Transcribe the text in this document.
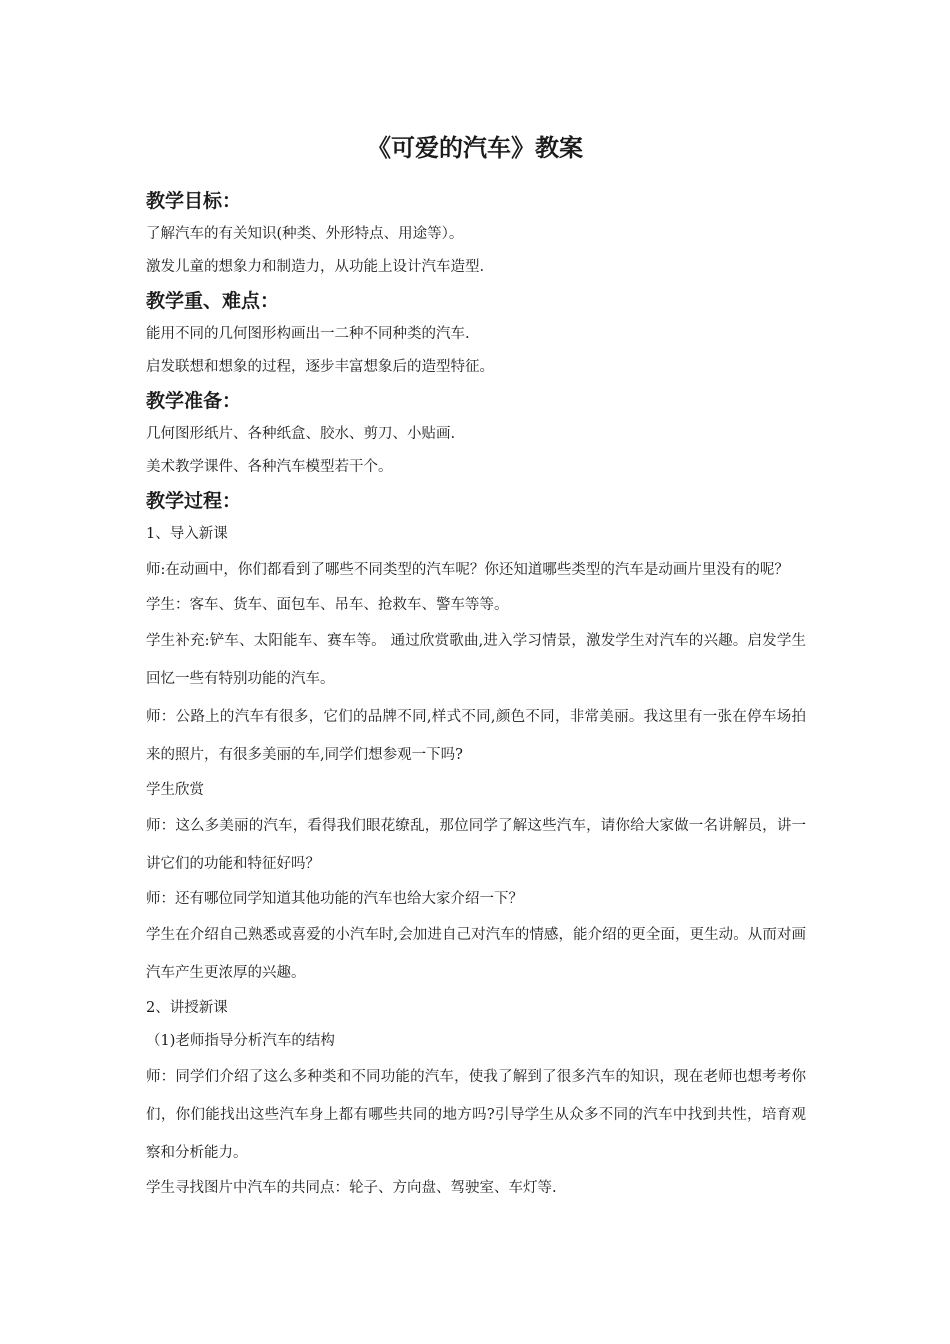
《可爱的汽车》教案
教学目标：

了解汽车的有关知识(种类、外形特点、用途等）。

激发儿童的想象力和制造力，从功能上设计汽车造型.

教学重、难点：

能用不同的几何图形构画出一二种不同种类的汽车.

启发联想和想象的过程，逐步丰富想象后的造型特征。

教学准备：

几何图形纸片、各种纸盒、胶水、剪刀、小贴画.

美术教学课件、各种汽车模型若干个。

教学过程：

1、导入新课

师:在动画中，你们都看到了哪些不同类型的汽车呢？你还知道哪些类型的汽车是动画片里没有的呢？

学生：客车、货车、面包车、吊车、抢救车、警车等等。

学生补充:铲车、太阳能车、赛车等。 通过欣赏歌曲,进入学习情景，激发学生对汽车的兴趣。启发学生回忆一些有特别功能的汽车。

师：公路上的汽车有很多，它们的品牌不同,样式不同,颜色不同，非常美丽。我这里有一张在停车场拍来的照片，有很多美丽的车,同学们想参观一下吗?

学生欣赏

师：这么多美丽的汽车，看得我们眼花缭乱，那位同学了解这些汽车，请你给大家做一名讲解员，讲一讲它们的功能和特征好吗？

师：还有哪位同学知道其他功能的汽车也给大家介绍一下？

学生在介绍自己熟悉或喜爱的小汽车时,会加进自己对汽车的情感，能介绍的更全面，更生动。从而对画汽车产生更浓厚的兴趣。

2、讲授新课

（1)老师指导分析汽车的结构

师：同学们介绍了这么多种类和不同功能的汽车，使我了解到了很多汽车的知识，现在老师也想考考你们，你们能找出这些汽车身上都有哪些共同的地方吗?引导学生从众多不同的汽车中找到共性，培育观察和分析能力。

学生寻找图片中汽车的共同点：轮子、方向盘、驾驶室、车灯等.
